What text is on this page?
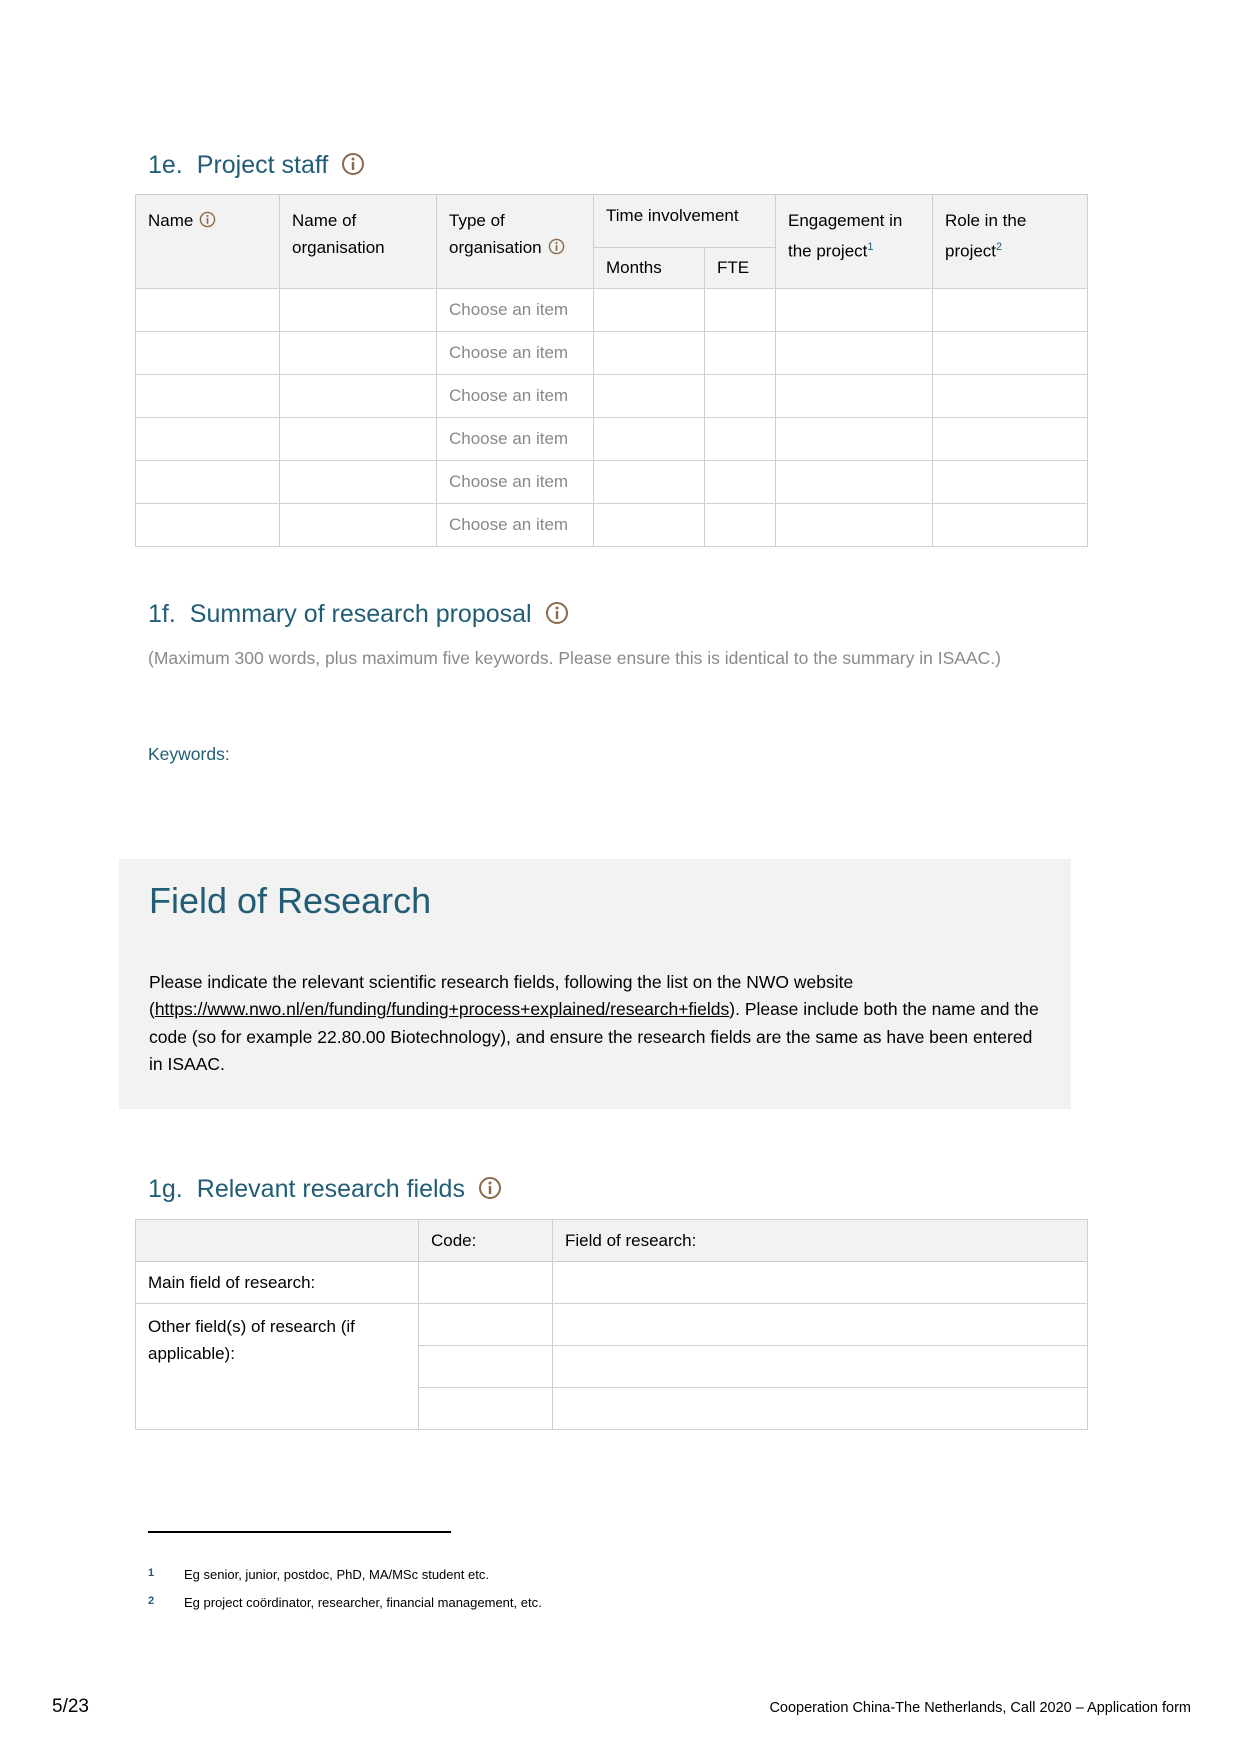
1e. Project staff
Name	Name of organisation	Type of organisation	Time involvement		Engagement in the project$^1$	Role in the project$^2$
			Months	FTE		
		Choose an item				
		Choose an item				
		Choose an item				
		Choose an item				
		Choose an item				
		Choose an item				
1f. Summary of research proposal
(Maximum 300 words, plus maximum five keywords. Please ensure this is identical to the summary in ISAAC.)
Keywords:
Field of Research

Please indicate the relevant scientific research fields, following the list on the NWO website (https://www.nwo.nl/en/funding/funding+process+explained/research+fields). Please include both the name and the code (so for example 22.80.00 Biotechnology), and ensure the research fields are the same as have been entered in ISAAC.

1g. Relevant research fields
	Code:	Field of research:
Main field of research:		
Other field(s) of research (if applicable):		

1 Eg senior, junior, postdoc, PhD, MA/MSc student etc.
2 Eg project coördinator, researcher, financial management, etc.
5/23	Cooperation China-The Netherlands, Call 2020 – Application form
